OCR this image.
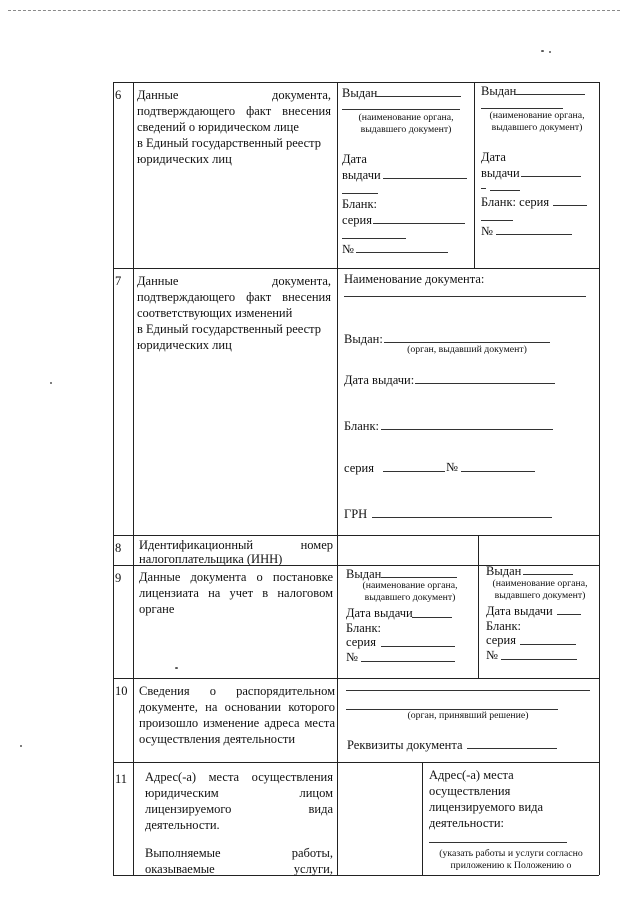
6 Данные документа,
подтверждающего факт внесения
сведений о юридическом лице
в Единый государственный реестр
юридических лиц
Выдан
(наименование органа,
выдавшего документ)
Дата
выдачи
Бланк:
серия
№
Выдан
(наименование органа,
выдавшего документ)
Дата
выдачи
Бланк: серия
№
7 Данные документа,
подтверждающего факт внесения
соответствующих изменений
в Единый государственный реестр
юридических лиц
Наименование документа:
Выдан:
(орган, выдавший документ)
Дата выдачи:
Бланк:
серия	№
ГРН
8 Идентификационный номер
налогоплательщика (ИНН)
9 Данные документа о постановке
лицензиата на учет в налоговом
органе
Выдан
(наименование органа,
выдавшего документ)
Дата выдачи
Бланк:
серия
№
Выдан
(наименование органа,
выдавшего документ)
Дата выдачи
Бланк:
серия
№
10 Сведения о распорядительном
документе, на основании которого
произошло изменение адреса места
осуществления деятельности
(орган, принявший решение)
Реквизиты документа
11 Адрес(-а) места осуществления
юридическим лицом
лицензируемого вида
деятельности.
Выполняемые работы,
оказываемые услуги,
Адрес(-а) места
осуществления
лицензируемого вида
деятельности:
(указать работы и услуги согласно
приложению к Положению о
